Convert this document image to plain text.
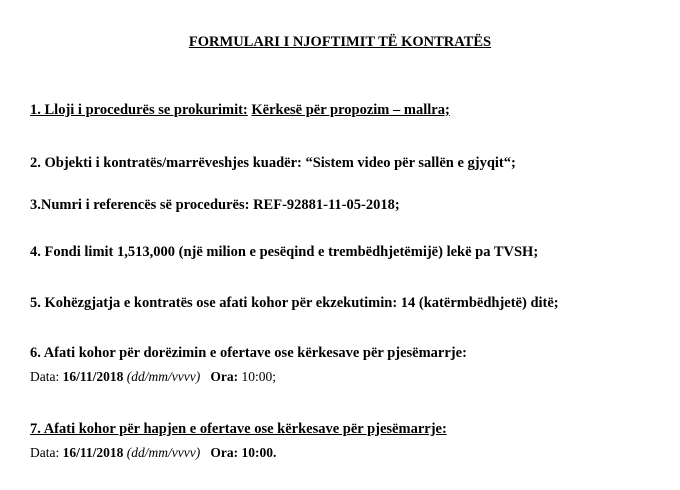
FORMULARI I NJOFTIMIT TË KONTRATËS
1. Lloji i procedurës se prokurimit: Kërkesë për propozim – mallra;
2. Objekti i kontratës/marrëveshjes kuadër: “Sistem video për sallën e gjyqit“;
3.Numri i referencës së procedurës: REF-92881-11-05-2018;
4. Fondi limit 1,513,000 (një milion e pesëqind e trembëdhjetëmijë) lekë pa TVSH;
5. Kohëzgjatja e kontratës ose afati kohor për ekzekutimin: 14 (katërmbëdhjetë) ditë;
6. Afati kohor për dorëzimin e ofertave ose kërkesave për pjesëmarrje:
Data: 16/11/2018 (dd/mm/vvvv) Ora: 10:00;
7. Afati kohor për hapjen e ofertave ose kërkesave për pjesëmarrje:
Data: 16/11/2018 (dd/mm/vvvv) Ora: 10:00.
